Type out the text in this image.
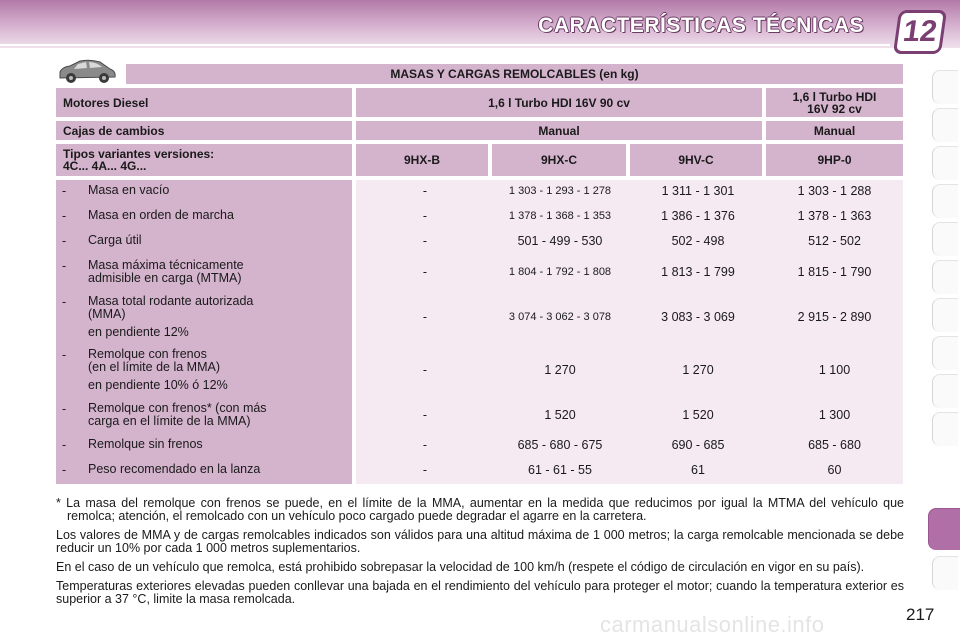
CARACTERÍSTICAS TÉCNICAS 12
MASAS Y CARGAS REMOLCABLES (en kg)
Motores Diesel	1,6 l Turbo HDI 16V 90 cv	1,6 l Turbo HDI
16V 92 cv
Cajas de cambios	Manual	Manual
Tipos variantes versiones:
4C... 4A... 4G...	9HX-B	9HX-C	9HV-C	9HP-0
- Masa en vacío	-	1 303 - 1 293 - 1 278	1 311 - 1 301	1 303 - 1 288
- Masa en orden de marcha	-	1 378 - 1 368 - 1 353	1 386 - 1 376	1 378 - 1 363
- Carga útil	-	501 - 499 - 530	502 - 498	512 - 502
- Masa máxima técnicamente
admisible en carga (MTMA)	-	1 804 - 1 792 - 1 808	1 813 - 1 799	1 815 - 1 790
- Masa total rodante autorizada
(MMA)
en pendiente 12%
-	3 074 - 3 062 - 3 078	3 083 - 3 069	2 915 - 2 890
- Remolque con frenos
(en el límite de la MMA)
en pendiente 10% ó 12%
-	1 270	1 270	1 100
- Remolque con frenos* (con más
carga en el límite de la MMA)	-	1 520	1 520	1 300
- Remolque sin frenos	-	685 - 680 - 675	690 - 685	685 - 680
- Peso recomendado en la lanza	-	61 - 61 - 55	61	60

* La masa del remolque con frenos se puede, en el límite de la MMA, aumentar en la medida que reducimos por igual la MTMA del vehículo que remolca; atención, el remolcado con un vehículo poco cargado puede degradar el agarre en la carretera.

Los valores de MMA y de cargas remolcables indicados son válidos para una altitud máxima de 1 000 metros; la carga remolcable mencionada se debe reducir un 10% por cada 1 000 metros suplementarios.

En el caso de un vehículo que remolca, está prohibido sobrepasar la velocidad de 100 km/h (respete el código de circulación en vigor en su país).

Temperaturas exteriores elevadas pueden conllevar una bajada en el rendimiento del vehículo para proteger el motor; cuando la temperatura exterior es superior a 37 °C, limite la masa remolcada.

carmanualsonline.info	217
